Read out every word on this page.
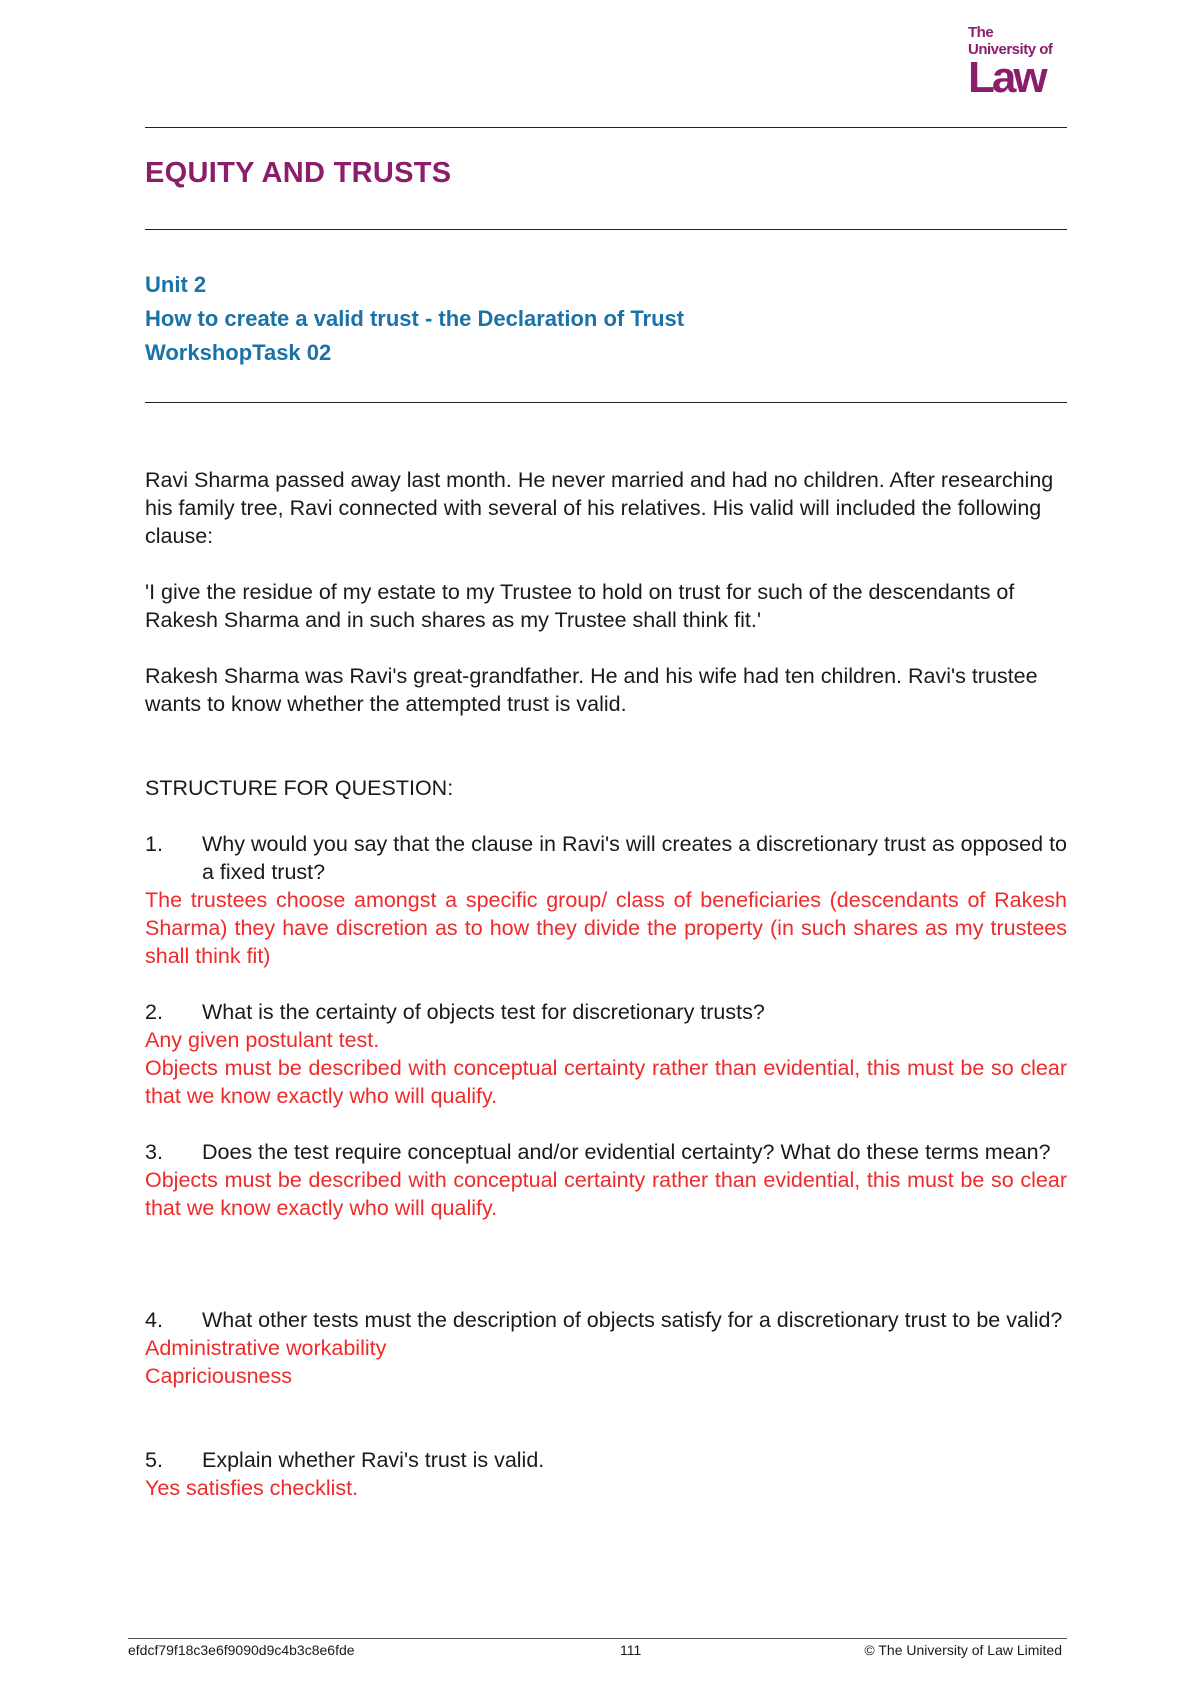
The
University of
Law
EQUITY AND TRUSTS
Unit 2
How to create a valid trust - the Declaration of Trust
WorkshopTask 02

Ravi Sharma passed away last month. He never married and had no children. After researching his family tree, Ravi connected with several of his relatives. His valid will included the following clause:

'I give the residue of my estate to my Trustee to hold on trust for such of the descendants of Rakesh Sharma and in such shares as my Trustee shall think fit.'

Rakesh Sharma was Ravi's great-grandfather. He and his wife had ten children. Ravi's trustee wants to know whether the attempted trust is valid.

STRUCTURE FOR QUESTION:

1.	Why would you say that the clause in Ravi's will creates a discretionary trust as opposed to a fixed trust?

The trustees choose amongst a specific group/ class of beneficiaries (descendants of Rakesh Sharma) they have discretion as to how they divide the property (in such shares as my trustees shall think fit)

2.	What is the certainty of objects test for discretionary trusts?

Any given postulant test.

Objects must be described with conceptual certainty rather than evidential, this must be so clear that we know exactly who will qualify.

3.	Does the test require conceptual and/or evidential certainty? What do these terms mean?

Objects must be described with conceptual certainty rather than evidential, this must be so clear that we know exactly who will qualify.

4.	What other tests must the description of objects satisfy for a discretionary trust to be valid?

Administrative workability

Capriciousness

5.	Explain whether Ravi's trust is valid.

Yes satisfies checklist.

efdcf79f18c3e6f9090d9c4b3c8e6fde	111	© The University of Law Limited
